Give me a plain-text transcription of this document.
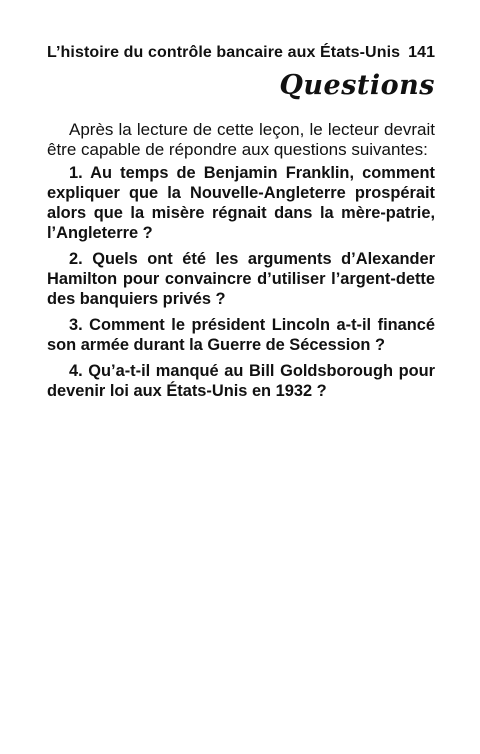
L’histoire du contrôle bancaire aux États-Unis 141
Questions

Après la lecture de cette leçon, le lecteur devrait être capable de répondre aux questions suivantes:

1. Au temps de Benjamin Franklin, comment expliquer que la Nouvelle-Angleterre prospérait alors que la misère régnait dans la mère-patrie, l’Angleterre ?
2. Quels ont été les arguments d’Alexander Hamilton pour convaincre d’utiliser l’argent-dette des banquiers privés ?
3. Comment le président Lincoln a-t-il financé son armée durant la Guerre de Sécession ?
4. Qu’a-t-il manqué au Bill Goldsborough pour devenir loi aux États-Unis en 1932 ?
